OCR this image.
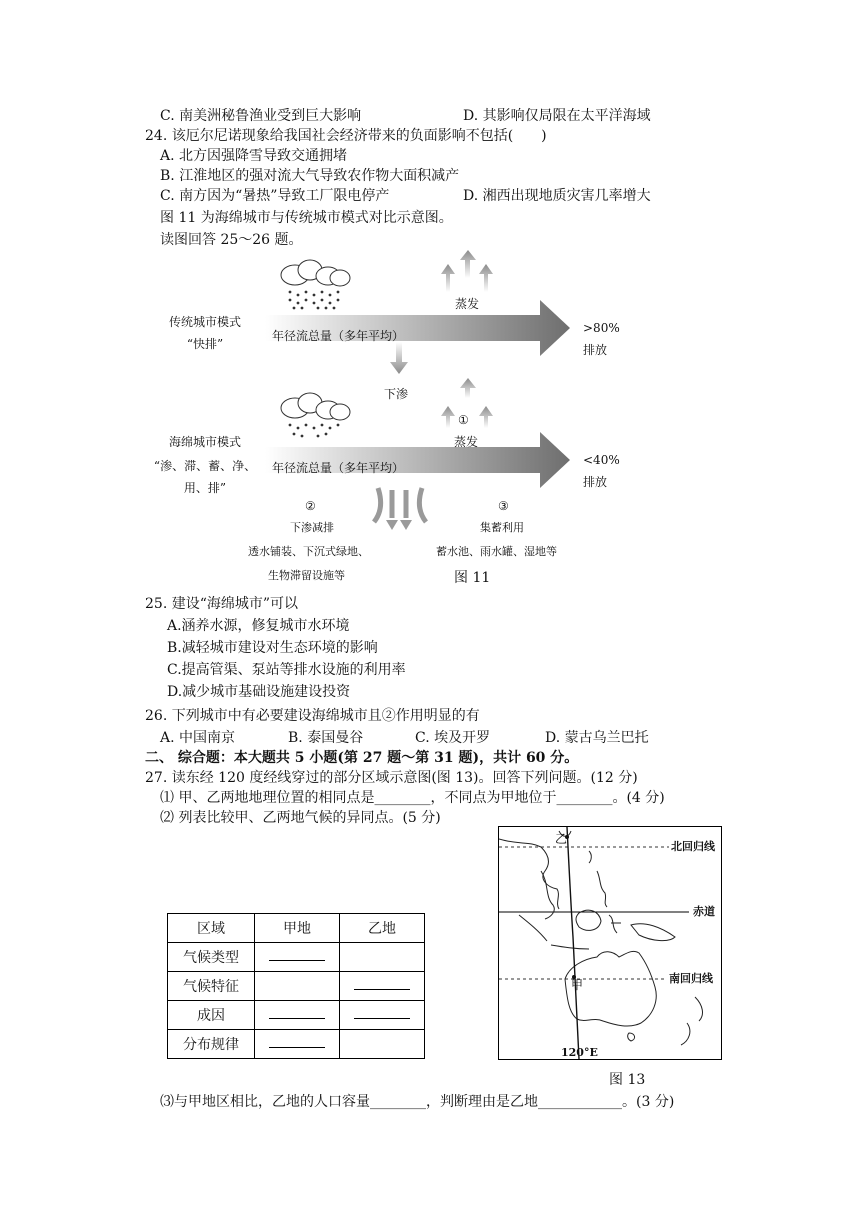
C. 南美洲秘鲁渔业受到巨大影响	D. 其影响仅局限在太平洋海域
24. 该厄尔尼诺现象给我国社会经济带来的负面影响不包括(　　)
A. 北方因强降雪导致交通拥堵
B. 江淮地区的强对流大气导致农作物大面积减产
C. 南方因为“暑热”导致工厂限电停产	D. 湘西出现地质灾害几率增大
图 11 为海绵城市与传统城市模式对比示意图。
读图回答 25～26 题。
传统城市模式
“快排”
年径流总量（多年平均）
蒸发
>80%
排放
下渗
①
蒸发
海绵城市模式
“渗、滞、蓄、净、
用、排”
年径流总量（多年平均）
<40%
排放
②	③
下渗减排	集蓄利用
透水铺装、下沉式绿地、	蓄水池、雨水罐、湿地等
生物滞留设施等	图 11
25. 建设“海绵城市”可以
A.涵养水源，修复城市水环境
B.减轻城市建设对生态环境的影响
C.提高管渠、泵站等排水设施的利用率
D.减少城市基础设施建设投资
26. 下列城市中有必要建设海绵城市且②作用明显的有
A. 中国南京	B. 泰国曼谷	C. 埃及开罗	D. 蒙古乌兰巴托
二、 综合题：本大题共 5 小题(第 27 题～第 31 题)，共计 60 分。
27. 读东经 120 度经线穿过的部分区域示意图(图 13)。回答下列问题。(12 分)
⑴ 甲、乙两地地理位置的相同点是________，不同点为甲地位于________。(4 分)
⑵ 列表比较甲、乙两地气候的异同点。(5 分)
区域	甲地	乙地
气候类型		
气候特征		
成因		
分布规律		
乙
甲
北回归线
赤道
南回归线
120°E
图 13
⑶与甲地区相比，乙地的人口容量________，判断理由是乙地____________。(3 分)
